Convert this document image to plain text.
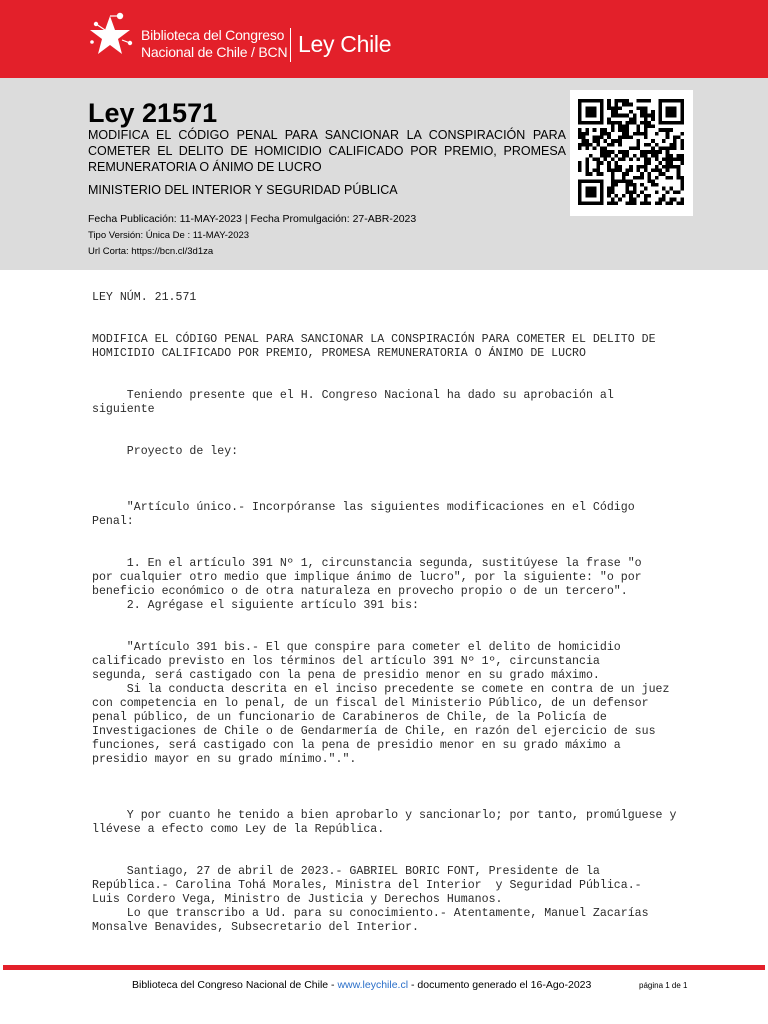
Biblioteca del Congreso
Nacional de Chile / BCN Ley Chile
Ley 21571
MODIFICA EL CÓDIGO PENAL PARA SANCIONAR LA CONSPIRACIÓN PARA COMETER EL DELITO DE HOMICIDIO CALIFICADO POR PREMIO, PROMESA REMUNERATORIA O ÁNIMO DE LUCRO
MINISTERIO DEL INTERIOR Y SEGURIDAD PÚBLICA
Fecha Publicación: 11-MAY-2023 | Fecha Promulgación: 27-ABR-2023
Tipo Versión: Única De : 11-MAY-2023
Url Corta: https://bcn.cl/3d1za
LEY NÚM. 21.571

MODIFICA EL CÓDIGO PENAL PARA SANCIONAR LA CONSPIRACIÓN PARA COMETER EL DELITO DE
HOMICIDIO CALIFICADO POR PREMIO, PROMESA REMUNERATORIA O ÁNIMO DE LUCRO

Teniendo presente que el H. Congreso Nacional ha dado su aprobación al
siguiente

Proyecto de ley:

"Artículo único.- Incorpóranse las siguientes modificaciones en el Código
Penal:

1. En el artículo 391 Nº 1, circunstancia segunda, sustitúyese la frase "o
por cualquier otro medio que implique ánimo de lucro", por la siguiente: "o por
beneficio económico o de otra naturaleza en provecho propio o de un tercero".
2. Agrégase el siguiente artículo 391 bis:

"Artículo 391 bis.- El que conspire para cometer el delito de homicidio
calificado previsto en los términos del artículo 391 Nº 1º, circunstancia
segunda, será castigado con la pena de presidio menor en su grado máximo.
Si la conducta descrita en el inciso precedente se comete en contra de un juez
con competencia en lo penal, de un fiscal del Ministerio Público, de un defensor
penal público, de un funcionario de Carabineros de Chile, de la Policía de
Investigaciones de Chile o de Gendarmería de Chile, en razón del ejercicio de sus
funciones, será castigado con la pena de presidio menor en su grado máximo a
presidio mayor en su grado mínimo.".".

Y por cuanto he tenido a bien aprobarlo y sancionarlo; por tanto, promúlguese y
llévese a efecto como Ley de la República.

Santiago, 27 de abril de 2023.- GABRIEL BORIC FONT, Presidente de la
República.- Carolina Tohá Morales, Ministra del Interior  y Seguridad Pública.-
Luis Cordero Vega, Ministro de Justicia y Derechos Humanos.
Lo que transcribo a Ud. para su conocimiento.- Atentamente, Manuel Zacarías
Monsalve Benavides, Subsecretario del Interior.
Biblioteca del Congreso Nacional de Chile - www.leychile.cl - documento generado el 16-Ago-2023	página 1 de 1
